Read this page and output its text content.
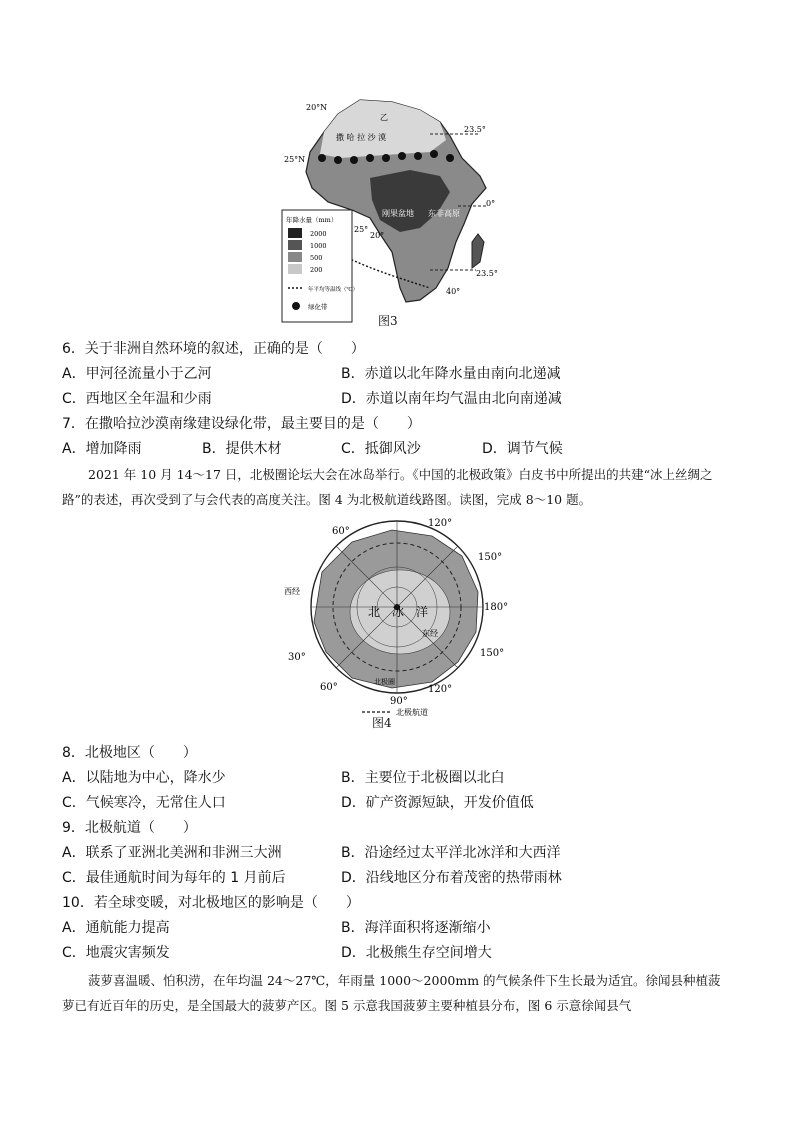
20°N
25°N
23.5°
0°
20°
25°
23.5°
40°
乙
撒 哈 拉 沙 漠
刚果盆地 东非高原
年降水量（mm）
2000
1000
500
200
年平均等温线（℃）
绿化带
图3
6．关于非洲自然环境的叙述，正确的是（　　）
A．甲河径流量小于乙河	B．赤道以北年降水量由南向北递减
C．西地区全年温和少雨	D．赤道以南年均气温由北向南递减
7．在撒哈拉沙漠南缘建设绿化带，最主要目的是（　　）
A．增加降雨	B．提供木材	C．抵御风沙	D．调节气候
2021 年 10 月 14～17 日，北极圈论坛大会在冰岛举行。《中国的北极政策》白皮书中所提出的共建“冰上丝绸之路”的表述，再次受到了与会代表的高度关注。图 4 为北极航道线路图。读图，完成 8～10 题。
120°
60°
150°
180°
150°
120°
90°
60°
30°
西经
东经
北　冰　洋
北极圈
北极航道
图4
8．北极地区（　　）
A．以陆地为中心，降水少	B．主要位于北极圈以北白
C．气候寒冷，无常住人口	D．矿产资源短缺，开发价值低
9．北极航道（　　）
A．联系了亚洲北美洲和非洲三大洲	B．沿途经过太平洋北冰洋和大西洋
C．最佳通航时间为每年的 1 月前后	D．沿线地区分布着茂密的热带雨林
10．若全球变暖，对北极地区的影响是（　　）
A．通航能力提高	B．海洋面积将逐渐缩小
C．地震灾害频发	D．北极熊生存空间增大
菠萝喜温暖、怕积涝，在年均温 24～27℃，年雨量 1000～2000mm 的气候条件下生长最为适宜。徐闻县种植菠萝已有近百年的历史，是全国最大的菠萝产区。图 5 示意我国菠萝主要种植县分布，图 6 示意徐闻县气
